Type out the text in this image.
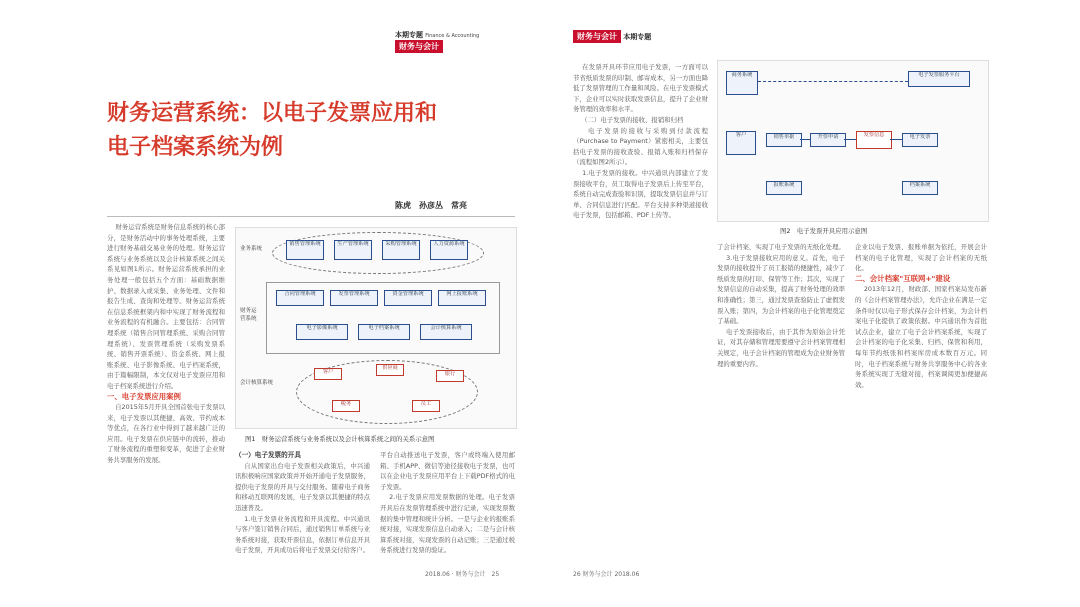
本期专题 Finance & Accounting 财务与会计
财务运营系统：以电子发票应用和
电子档案系统为例
陈虎　孙彦丛　常亮
财务运营系统是财务信息系统的核心部分，是财务活动中的事务处理系统，主要进行财务基础交易业务的处理。财务运营系统与业务系统以及会计核算系统之间关系见如图1所示。财务运营系统承担的业务处理一般包括五个方面：基础数据维护、数据录入或采集、业务处理、文件和报告生成、查询和处理等。财务运营系统在信息系统框架内和中实现了财务流程和业务流程的有机融合。主要包括：合同管理系统（销售合同管理系统、采购合同管理系统）、发票管理系统（采购发票系统、销售开票系统）、资金系统、网上报账系统、电子影像系统、电子档案系统，由于篇幅限制，本文仅对电子发票应用和电子档案系统进行介绍。
一、电子发票应用案例
自2015年5月开具全国首张电子发票以来，电子发票以其便捷、高效、节约成本等优点，在各行业中得到了越来越广泛的应用。电子发票在供应链中的流转，推动了财务流程的重塑和变革，促进了企业财务共享服务的发展。
业务系统
财务运营系统
会计核算系统
销售管理系统	生产管理系统	采购管理系统	人力资源系统
合同管理系统	发票管理系统	资金管理系统	网上报账系统
电子影像系统	电子档案系统	会计核算系统
客户
供应商
银行
税务	员工
图1　财务运营系统与业务系统以及会计核算系统之间的关系示意图
（一）电子发票的开具
自从国家出台电子发票相关政策后，中兴通讯积极响应国家政策并开始开通电子发票服务，提供电子发票的开具与交付服务。随着电子商务和移动互联网的发展，电子发票以其便捷的特点迅速普及。
1.电子发票业务流程和开具流程。中兴通讯与客户签订销售合同后，通过销售订单系统与业务系统对接，获取开票信息，依据订单信息开具电子发票，开具成功后将电子发票交付给客户。
平台自动推送电子发票，客户或终端入使用邮箱、手机APP、微信等途径接收电子发票，也可以在企业电子发票应用平台上下载PDF格式的电子发票。
2.电子发票应用发票数据的处理。电子发票开具后在发票管理系统中进行记录，实现发票数据的集中管理和统计分析。一是与企业的报账系统对接，实现发票信息自动录入；二是与会计核算系统对接，实现发票的自动记账；三是通过税务系统进行发票的验证。
2018.06 · 财务与会计　25
财务与会计 本期专题
在发票开具环节应用电子发票，一方面可以节省纸质发票的印制、邮寄成本，另一方面也降低了发票管理的工作量和风险。在电子发票模式下，企业可以实时获取发票信息，提升了企业财务管理的效率和水平。
（二）电子发票的接收、报销和归档
电子发票的接收与采购到付款流程（Purchase to Payment）紧密相关，主要包括电子发票的接收查验、报销入账和归档保存（流程如图2所示）。
1.电子发票的接收。中兴通讯内部建立了发票接收平台，员工取得电子发票后上传至平台，系统自动完成查验和识别，提取发票信息并与订单、合同信息进行匹配。平台支持多种渠道接收电子发票，包括邮箱、PDF上传等。
商务系统	电子发票服务平台
客户	销售单据	开票申请	发票信息	电子发票
报账系统	档案系统
图2　电子发票开具应用示意图
了会计档案，实现了电子发票的无纸化处理。
3.电子发票接收应用的意义。首先，电子发票的接收提升了员工报销的便捷性，减少了纸质发票的打印、保管等工作；其次，实现了发票信息的自动采集，提高了财务处理的效率和准确性；第三，通过发票查验防止了虚假发票入账；第四，为会计档案的电子化管理奠定了基础。
电子发票接收后，由于其作为原始会计凭证，对其存储和管理需要遵守会计档案管理相关规定，电子会计档案的管理成为企业财务管理的重要内容。
企业以电子发票、报账单据为依托，开展会计档案的电子化管理，实现了会计档案的无纸化。
二、会计档案"互联网+"建设
2013年12月，财政部、国家档案局发布新的《会计档案管理办法》，允许企业在满足一定条件时仅以电子形式保存会计档案，为会计档案电子化提供了政策依据。中兴通讯作为首批试点企业，建立了电子会计档案系统，实现了会计档案的电子化采集、归档、保管和利用，每年节约纸张和档案库房成本数百万元。同时，电子档案系统与财务共享服务中心的各业务系统实现了无缝对接，档案调阅更加便捷高效。
26 财务与会计 2018.06
